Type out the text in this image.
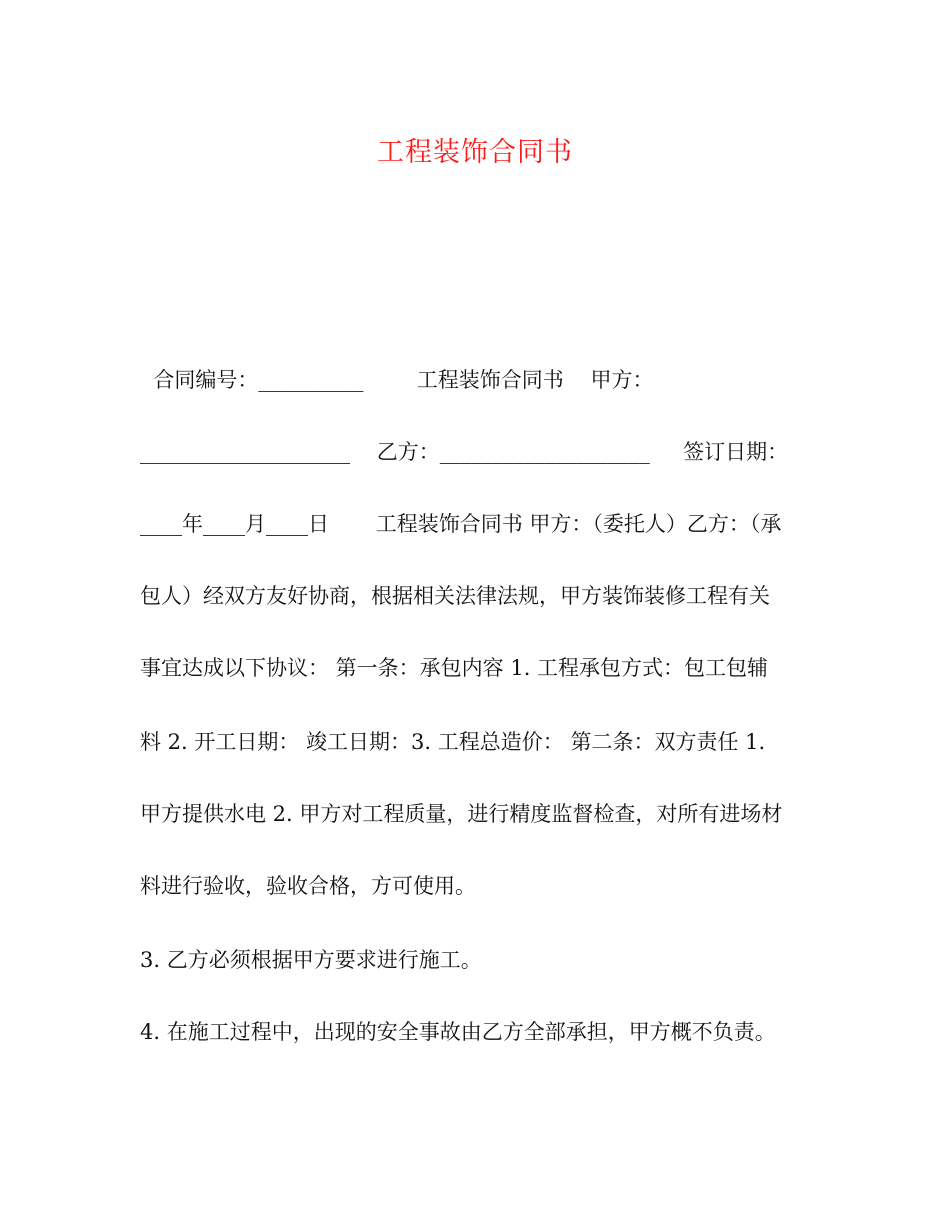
工程装饰合同书
合同编号：__________        工程装饰合同书    甲方：
____________________    乙方：____________________     签订日期：
____年____月____日       工程装饰合同书 甲方：（委托人）乙方：（承
包人）经双方友好协商，根据相关法律法规，甲方装饰装修工程有关
事宜达成以下协议： 第一条：承包内容 1. 工程承包方式：包工包辅
料 2. 开工日期： 竣工日期：3. 工程总造价： 第二条：双方责任 1.
甲方提供水电 2. 甲方对工程质量，进行精度监督检查，对所有进场材
料进行验收，验收合格，方可使用。
3. 乙方必须根据甲方要求进行施工。
4. 在施工过程中，出现的安全事故由乙方全部承担，甲方概不负责。
